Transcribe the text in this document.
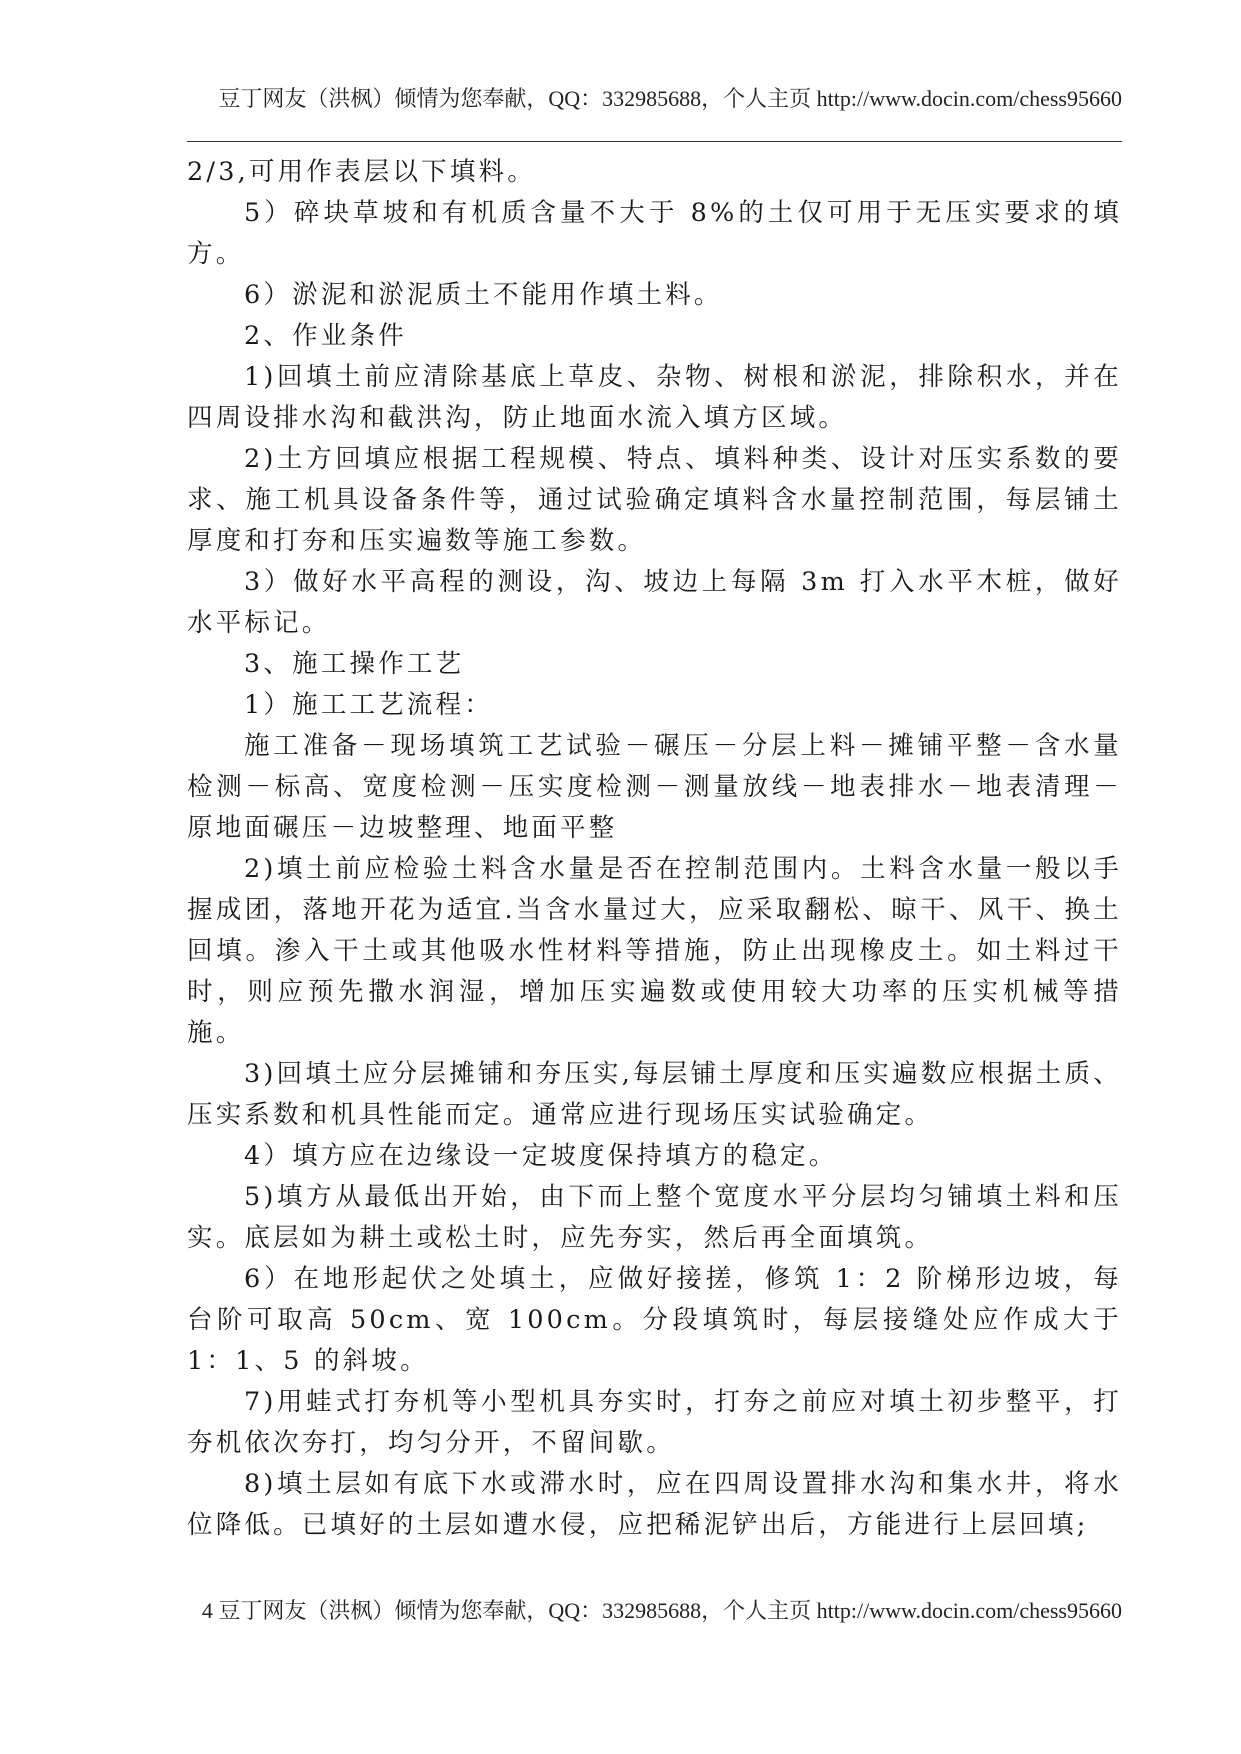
豆丁网友（洪枫）倾情为您奉献，QQ：332985688，个人主页 http://www.docin.com/chess95660

2/3,可用作表层以下填料。

5）碎块草坡和有机质含量不大于 8%的土仅可用于无压实要求的填方。

6）淤泥和淤泥质土不能用作填土料。

2、作业条件

1)回填土前应清除基底上草皮、杂物、树根和淤泥，排除积水，并在四周设排水沟和截洪沟，防止地面水流入填方区域。

2)土方回填应根据工程规模、特点、填料种类、设计对压实系数的要求、施工机具设备条件等，通过试验确定填料含水量控制范围，每层铺土厚度和打夯和压实遍数等施工参数。

3）做好水平高程的测设，沟、坡边上每隔 3m 打入水平木桩，做好水平标记。

3、施工操作工艺

1）施工工艺流程：

施工准备－现场填筑工艺试验－碾压－分层上料－摊铺平整－含水量检测－标高、宽度检测－压实度检测－测量放线－地表排水－地表清理－原地面碾压－边坡整理、地面平整

2)填土前应检验土料含水量是否在控制范围内。土料含水量一般以手握成团，落地开花为适宜.当含水量过大，应采取翻松、晾干、风干、换土回填。渗入干土或其他吸水性材料等措施，防止出现橡皮土。如土料过干时，则应预先撒水润湿，增加压实遍数或使用较大功率的压实机械等措施。

3)回填土应分层摊铺和夯压实,每层铺土厚度和压实遍数应根据土质、压实系数和机具性能而定。通常应进行现场压实试验确定。

4）填方应在边缘设一定坡度保持填方的稳定。

5)填方从最低出开始，由下而上整个宽度水平分层均匀铺填土料和压实。底层如为耕土或松土时，应先夯实，然后再全面填筑。

6）在地形起伏之处填土，应做好接搓，修筑 1：2 阶梯形边坡，每台阶可取高 50cm、宽 100cm。分段填筑时，每层接缝处应作成大于 1：1、5 的斜坡。

7)用蛙式打夯机等小型机具夯实时，打夯之前应对填土初步整平，打夯机依次夯打，均匀分开，不留间歇。

8)填土层如有底下水或滞水时，应在四周设置排水沟和集水井，将水位降低。已填好的土层如遭水侵，应把稀泥铲出后，方能进行上层回填;

4 豆丁网友（洪枫）倾情为您奉献，QQ：332985688，个人主页 http://www.docin.com/chess95660
